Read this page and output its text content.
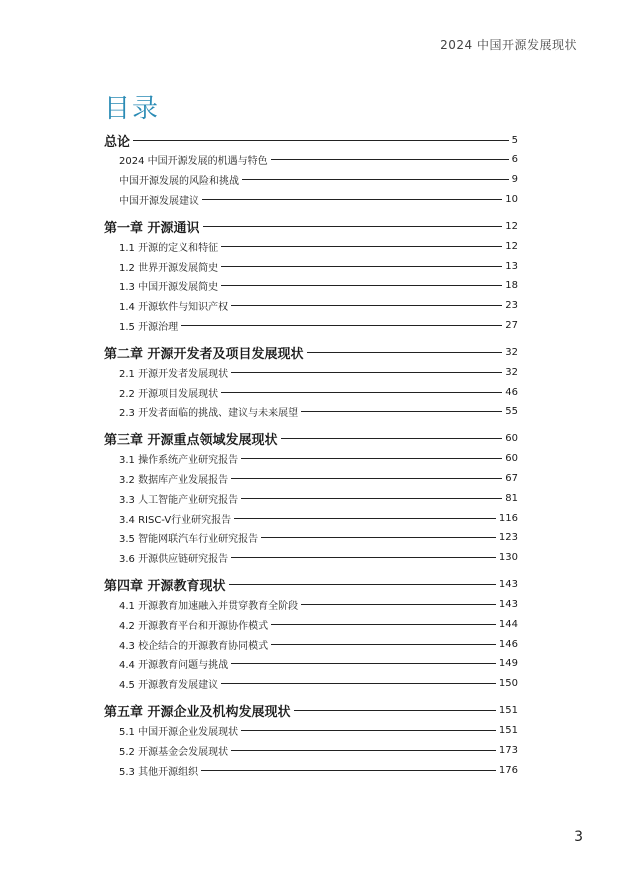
2024 中国开源发展现状
目录
总论	5
2024 中国开源发展的机遇与特色	6
中国开源发展的风险和挑战	9
中国开源发展建议	10
第一章 开源通识	12
1.1 开源的定义和特征	12
1.2 世界开源发展简史	13
1.3 中国开源发展简史	18
1.4 开源软件与知识产权	23
1.5 开源治理	27
第二章 开源开发者及项目发展现状	32
2.1 开源开发者发展现状	32
2.2 开源项目发展现状	46
2.3 开发者面临的挑战、建议与未来展望	55
第三章 开源重点领域发展现状	60
3.1 操作系统产业研究报告	60
3.2 数据库产业发展报告	67
3.3 人工智能产业研究报告	81
3.4 RISC-V行业研究报告	116
3.5 智能网联汽车行业研究报告	123
3.6 开源供应链研究报告	130
第四章 开源教育现状	143
4.1 开源教育加速融入并贯穿教育全阶段	143
4.2 开源教育平台和开源协作模式	144
4.3 校企结合的开源教育协同模式	146
4.4 开源教育问题与挑战	149
4.5 开源教育发展建议	150
第五章 开源企业及机构发展现状	151
5.1 中国开源企业发展现状	151
5.2 开源基金会发展现状	173
5.3 其他开源组织	176
3
